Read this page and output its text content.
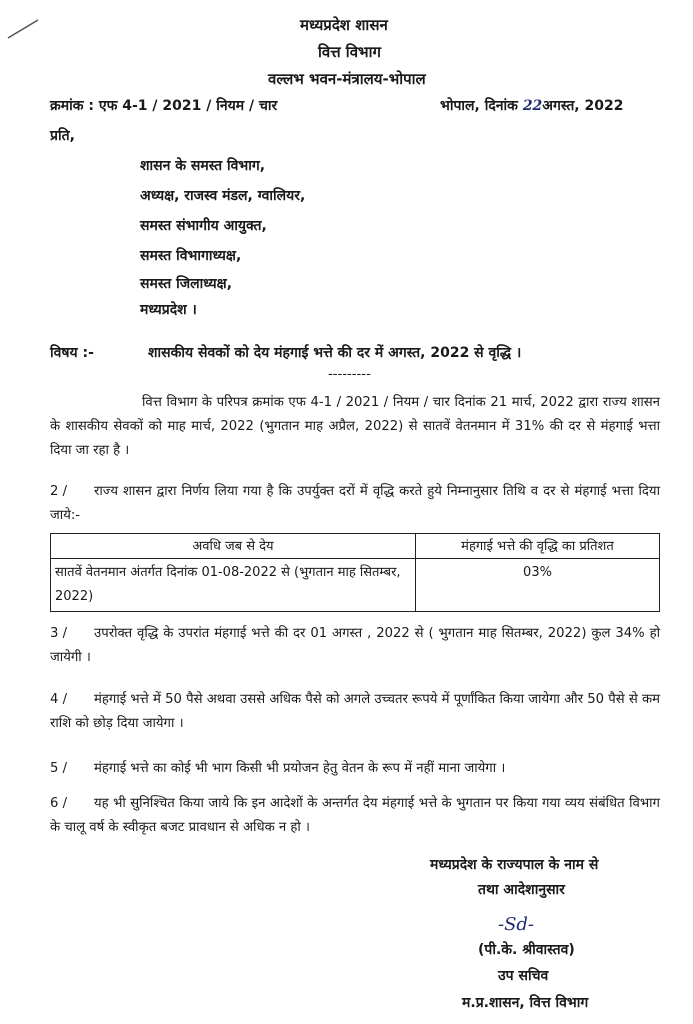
मध्यप्रदेश शासन
वित्त विभाग
वल्लभ भवन-मंत्रालय-भोपाल
क्रमांक : एफ 4-1 / 2021 / नियम / चार	भोपाल, दिनांक 22अगस्त, 2022
प्रति,
शासन के समस्त विभाग,
अध्यक्ष, राजस्व मंडल, ग्वालियर,
समस्त संभागीय आयुक्त,
समस्त विभागाध्यक्ष,
समस्त जिलाध्यक्ष,
मध्यप्रदेश ।
विषय :-	शासकीय सेवकों को देय मंहगाई भत्ते की दर में अगस्त, 2022 से वृद्धि ।
---------
वित्त विभाग के परिपत्र क्रमांक एफ 4-1 / 2021 / नियम / चार दिनांक 21 मार्च, 2022 द्वारा राज्य शासन के शासकीय सेवकों को माह मार्च, 2022 (भुगतान माह अप्रैल, 2022) से सातवें वेतनमान में 31% की दर से मंहगाई भत्ता दिया जा रहा है ।
2 / राज्य शासन द्वारा निर्णय लिया गया है कि उपर्युक्त दरों में वृद्धि करते हुये निम्नानुसार तिथि व दर से मंहगाई भत्ता दिया जाये:-
अवधि जब से देय	मंहगाई भत्ते की वृद्धि का प्रतिशत
सातवें वेतनमान अंतर्गत दिनांक 01-08-2022 से (भुगतान माह सितम्बर, 2022)	03%
3 / उपरोक्त वृद्धि के उपरांत मंहगाई भत्ते की दर 01 अगस्त , 2022 से ( भुगतान माह सितम्बर, 2022) कुल 34% हो जायेगी ।
4 / मंहगाई भत्ते में 50 पैसे अथवा उससे अधिक पैसे को अगले उच्चतर रूपये में पूर्णांकित किया जायेगा और 50 पैसे से कम राशि को छोड़ दिया जायेगा ।
5 / मंहगाई भत्ते का कोई भी भाग किसी भी प्रयोजन हेतु वेतन के रूप में नहीं माना जायेगा ।
6 / यह भी सुनिश्चित किया जाये कि इन आदेशों के अन्तर्गत देय मंहगाई भत्ते के भुगतान पर किया गया व्यय संबंधित विभाग के चालू वर्ष के स्वीकृत बजट प्रावधान से अधिक न हो ।
मध्यप्रदेश के राज्यपाल के नाम से
तथा आदेशानुसार
-Sd-
(पी.के. श्रीवास्तव)
उप सचिव
म.प्र.शासन, वित्त विभाग
